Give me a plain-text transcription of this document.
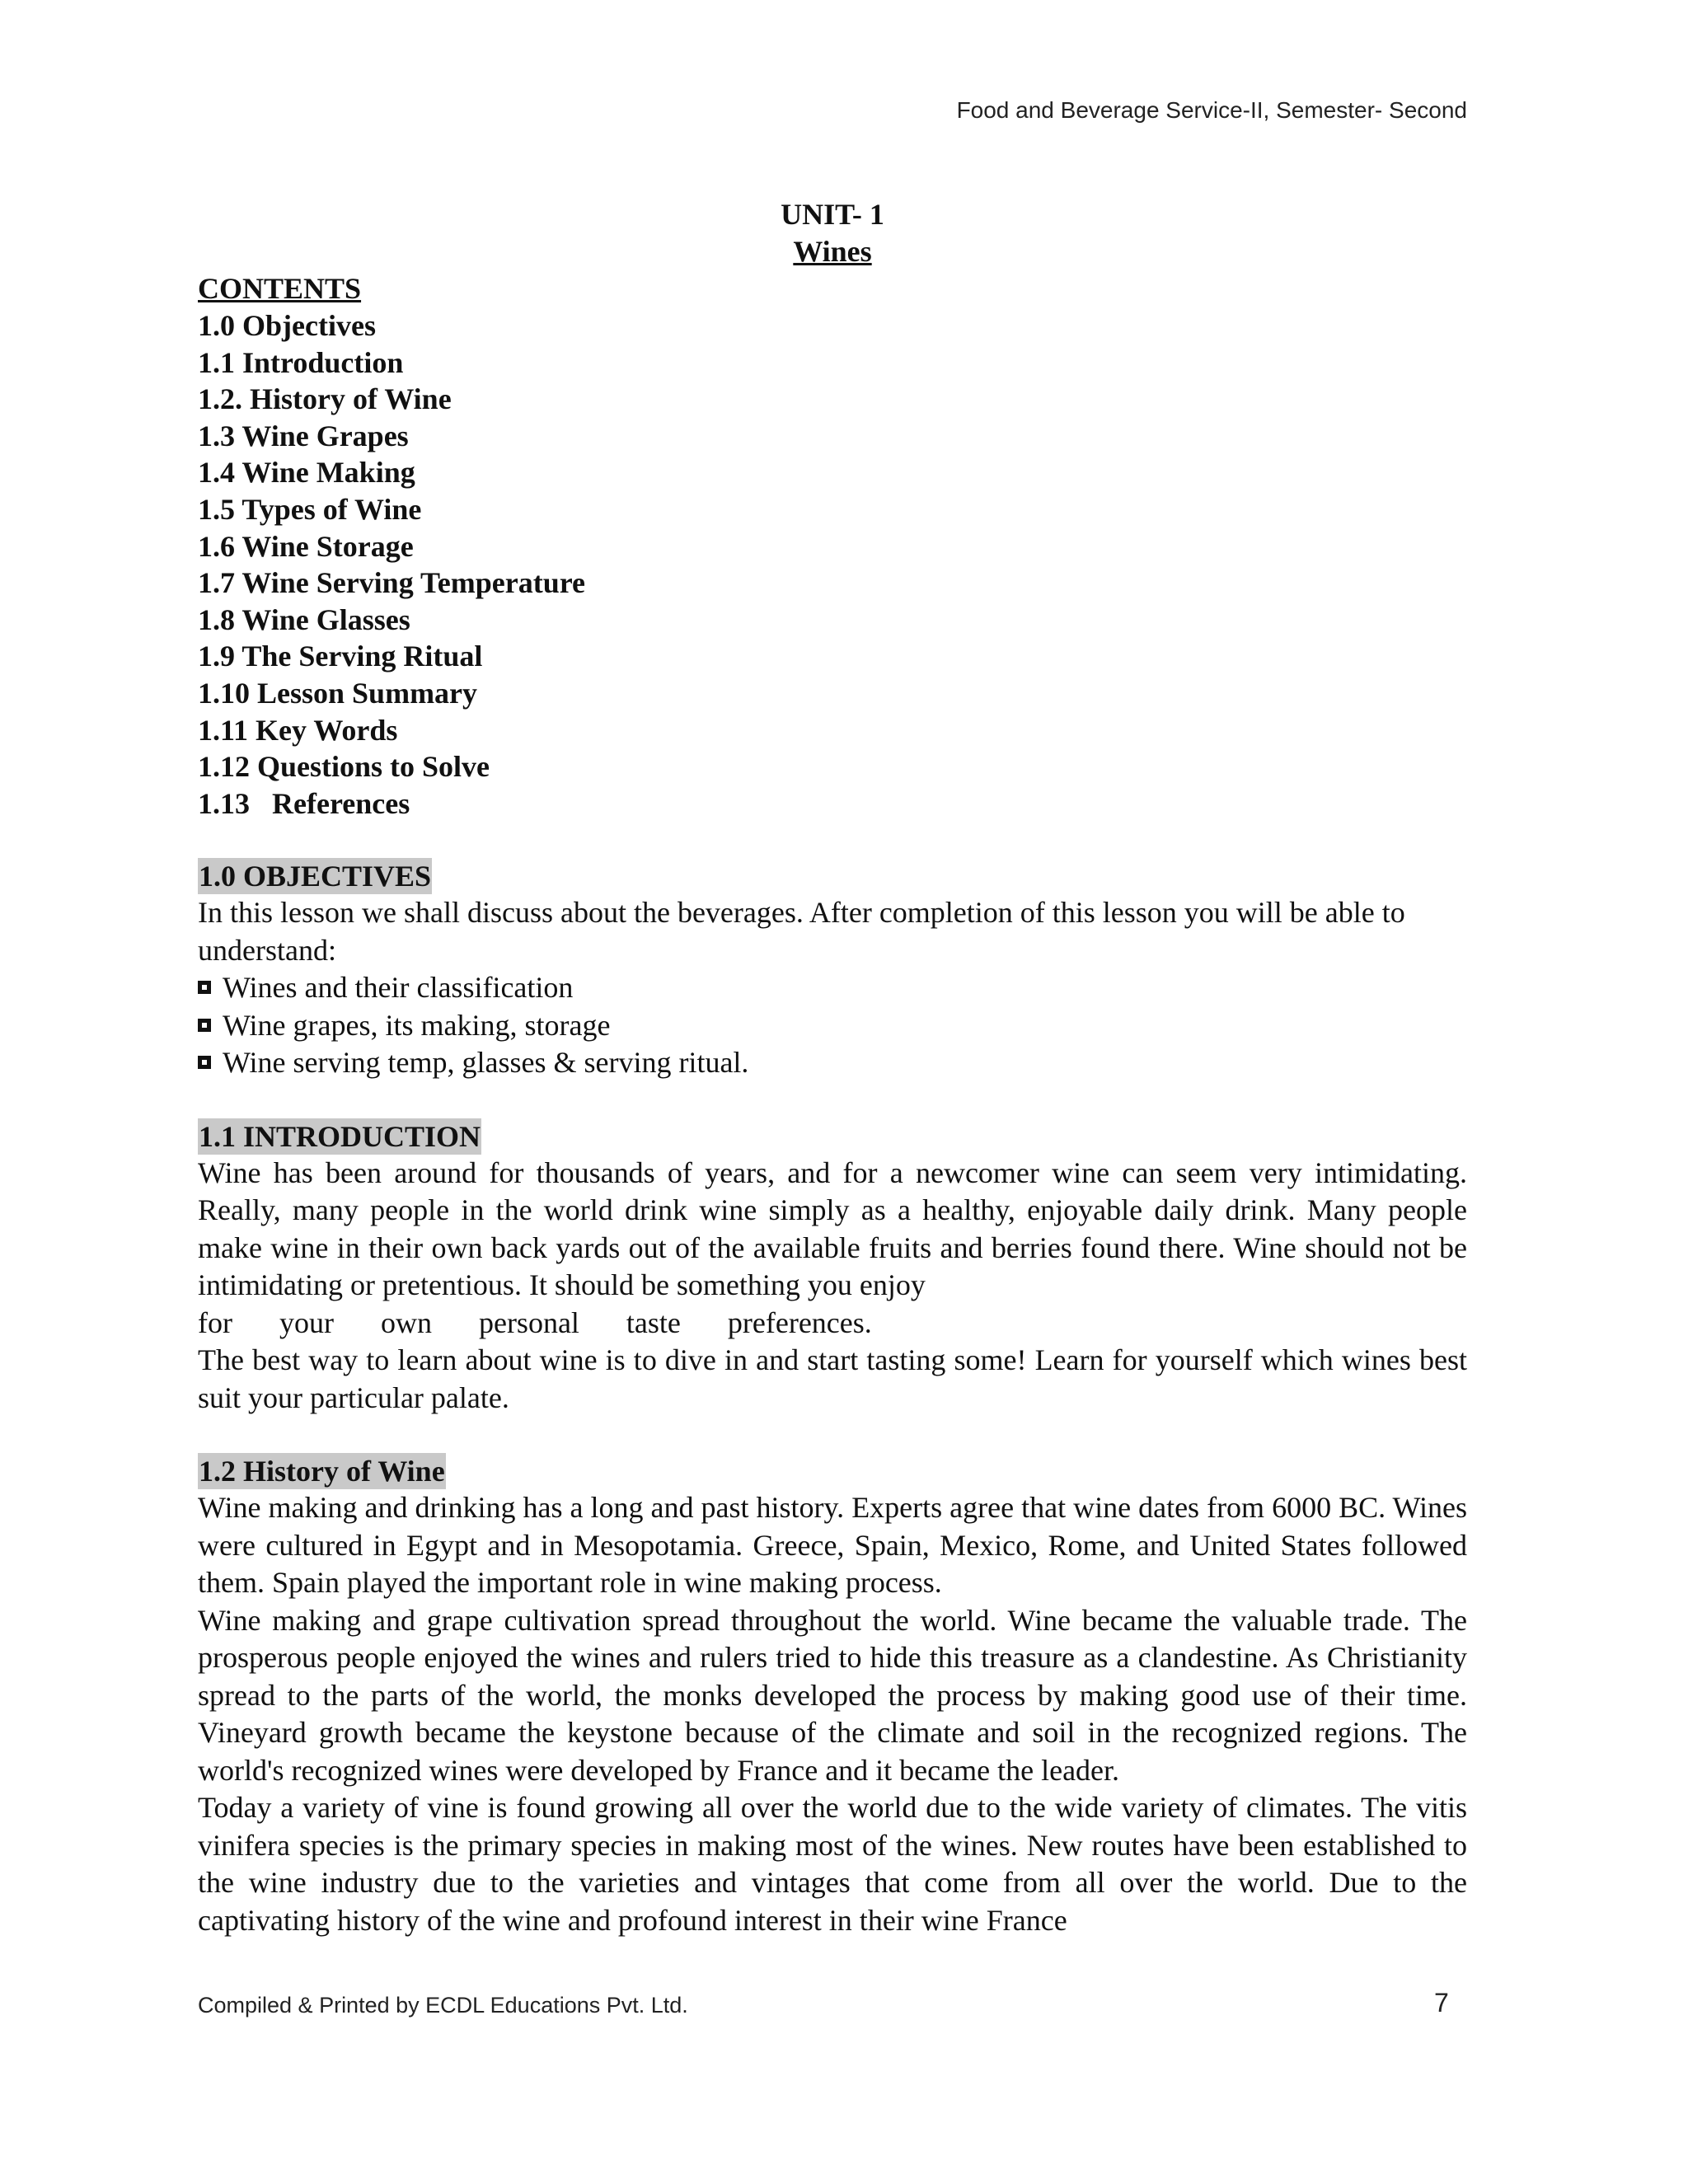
Food and Beverage Service-II, Semester- Second
UNIT- 1
Wines
CONTENTS
1.0 Objectives
1.1 Introduction
1.2. History of Wine
1.3 Wine Grapes
1.4 Wine Making
1.5 Types of Wine
1.6 Wine Storage
1.7 Wine Serving Temperature
1.8 Wine Glasses
1.9 The Serving Ritual
1.10 Lesson Summary
1.11 Key Words
1.12 Questions to Solve
1.13   References
1.0 OBJECTIVES

In this lesson we shall discuss about the beverages. After completion of this lesson you will be able to understand:

Wines and their classification
Wine grapes, its making, storage
Wine serving temp, glasses & serving ritual.
1.1 INTRODUCTION

Wine has been around for thousands of years, and for a newcomer wine can seem very intimidating. Really, many people in the world drink wine simply as a healthy, enjoyable daily drink. Many people make wine in their own back yards out of the available fruits and berries found there. Wine should not be intimidating or pretentious. It should be something you enjoy

for your own personal taste preferences.

The best way to learn about wine is to dive in and start tasting some! Learn for yourself which wines best suit your particular palate.

1.2 History of Wine

Wine making and drinking has a long and past history. Experts agree that wine dates from 6000 BC. Wines were cultured in Egypt and in Mesopotamia. Greece, Spain, Mexico, Rome, and United States followed them. Spain played the important role in wine making process.

Wine making and grape cultivation spread throughout the world. Wine became the valuable trade. The prosperous people enjoyed the wines and rulers tried to hide this treasure as a clandestine. As Christianity spread to the parts of the world, the monks developed the process by making good use of their time. Vineyard growth became the keystone because of the climate and soil in the recognized regions. The world's recognized wines were developed by France and it became the leader.

Today a variety of vine is found growing all over the world due to the wide variety of climates. The vitis vinifera species is the primary species in making most of the wines. New routes have been established to the wine industry due to the varieties and vintages that come from all over the world. Due to the captivating history of the wine and profound interest in their wine France

Compiled & Printed by ECDL Educations Pvt. Ltd.	7
